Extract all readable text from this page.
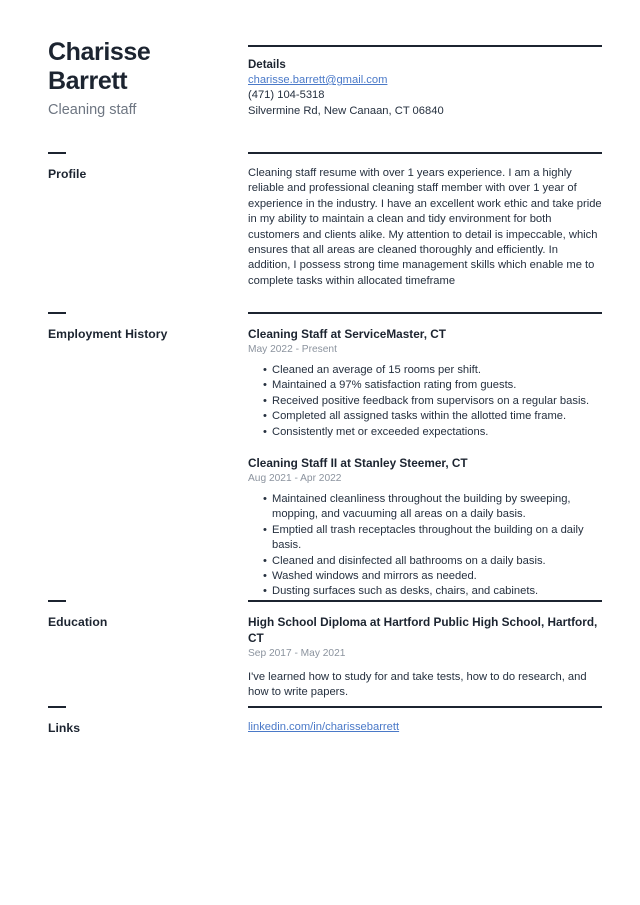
Charisse Barrett
Cleaning staff
Details
charisse.barrett@gmail.com
(471) 104-5318
Silvermine Rd, New Canaan, CT 06840
Profile	Cleaning staff resume with over 1 years experience. I am a highly reliable and professional cleaning staff member with over 1 year of experience in the industry. I have an excellent work ethic and take pride in my ability to maintain a clean and tidy environment for both customers and clients alike. My attention to detail is impeccable, which ensures that all areas are cleaned thoroughly and efficiently. In addition, I possess strong time management skills which enable me to complete tasks within allocated timeframe

Employment History	Cleaning Staff at ServiceMaster, CT
May 2022 - Present
• Cleaned an average of 15 rooms per shift.
• Maintained a 97% satisfaction rating from guests.
• Received positive feedback from supervisors on a regular basis.
• Completed all assigned tasks within the allotted time frame.
• Consistently met or exceeded expectations.
Cleaning Staff II at Stanley Steemer, CT
Aug 2021 - Apr 2022
• Maintained cleanliness throughout the building by sweeping, mopping, and vacuuming all areas on a daily basis.
• Emptied all trash receptacles throughout the building on a daily basis.
• Cleaned and disinfected all bathrooms on a daily basis.
• Washed windows and mirrors as needed.
• Dusting surfaces such as desks, chairs, and cabinets.
Education	High School Diploma at Hartford Public High School, Hartford, CT
Sep 2017 - May 2021

I've learned how to study for and take tests, how to do research, and how to write papers.

Links	linkedin.com/in/charissebarrett
